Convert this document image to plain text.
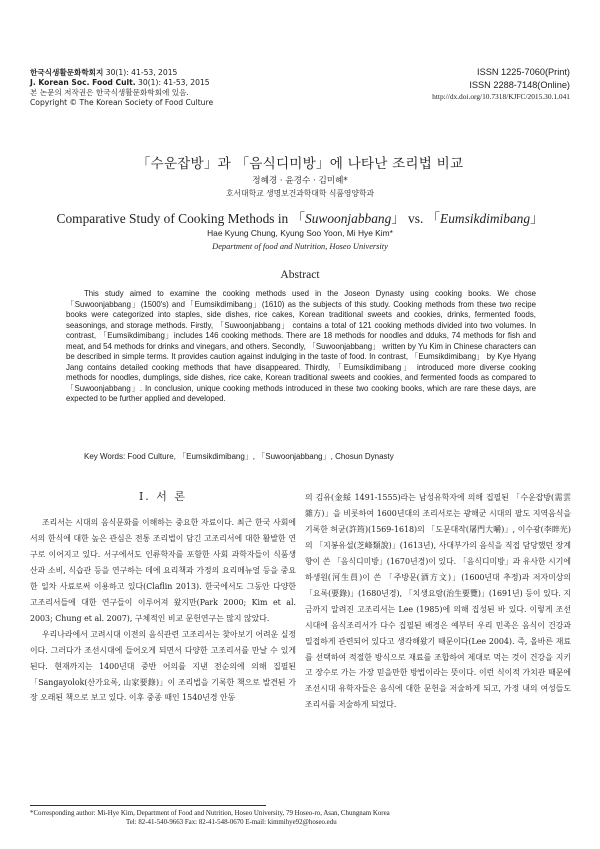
한국식생활문화학회지 30(1): 41-53, 2015
J. Korean Soc. Food Cult. 30(1): 41-53, 2015
본 논문의 저작권은 한국식생활문화학회에 있음.
Copyright © The Korean Society of Food Culture
ISSN 1225-7060(Print)
ISSN 2288-7148(Online)
http://dx.doi.org/10.7318/KJFC/2015.30.1.041
「수운잡방」과 「음식디미방」에 나타난 조리법 비교
정혜경 · 윤경수 · 김미혜*
호서대학교 생명보건과학대학 식품영양학과
Comparative Study of Cooking Methods in 「Suwoonjabbang」 vs. 「Eumsikdimibang」
Hae Kyung Chung, Kyung Soo Yoon, Mi Hye Kim*
Department of food and Nutrition, Hoseo University
Abstract
This study aimed to examine the cooking methods used in the Joseon Dynasty using cooking books. We chose 「Suwoonjabbang」(1500's) and「Eumsikdimibang」(1610) as the subjects of this study. Cooking methods from these two recipe books were categorized into staples, side dishes, rice cakes, Korean traditional sweets and cookies, drinks, fermented foods, seasonings, and storage methods. Firstly, 「Suwoonjabbang」 contains a total of 121 cooking methods divided into two volumes. In contrast, 「Eumsikdimibang」includes 146 cooking methods. There are 18 methods for noodles and dduks, 74 methods for fish and meat, and 54 methods for drinks and vinegars, and others. Secondly, 「Suwoonjabbang」 written by Yu Kim in Chinese characters can be described in simple terms. It provides caution against indulging in the taste of food. In contrast, 「Eumsikdimibang」 by Kye Hyang Jang contains detailed cooking methods that have disappeared. Thirdly, 「Eumsikdimibang」 introduced more diverse cooking methods for noodles, dumplings, side dishes, rice cake, Korean traditional sweets and cookies, and fermented foods as compared to 「Suwoonjabbang」. In conclusion, unique cooking methods introduced in these two cooking books, which are rare these days, are expected to be further applied and developed.
Key Words: Food Culture, 「Eumsikdimibang」, 「Suwoonjabbang」, Chosun Dynasty
I. 서 론

조리서는 시대의 음식문화를 이해하는 중요한 자료이다. 최근 한국 사회에서의 한식에 대한 높은 관심은 전통 조리법이 담긴 고조리서에 대한 활발한 연구로 이어지고 있다. 서구에서도 인류학자를 포함한 사회 과학자들이 식품생산과 소비, 식습관 등을 연구하는 데에 요리책과 가정의 요리메뉴얼 등을 중요한 일차 사료로써 이용하고 있다(Claflin 2013). 한국에서도 그동안 다양한 고조리서들에 대한 연구들이 이루어져 왔지만(Park 2000; Kim et al. 2003; Chung et al. 2007), 구체적인 비교 문헌연구는 많지 않았다.

우리나라에서 고려시대 이전의 음식관련 고조리서는 찾아보기 어려운 실정이다. 그러다가 조선시대에 들어오게 되면서 다양한 고조리서를 만날 수 있게 된다. 현재까지는 1400년대 중반 어의를 지낸 전순의에 의해 집필된 「Sangayolok(산가요록, 山家要錄)」이 조리법을 기록한 책으로 발견된 가장 오래된 책으로 보고 있다. 이후 중종 때인 1540년경 안동

의 김유(金綏 1491-1555)라는 남성유학자에 의해 집필된 「수운잡방(需雲雜方)」을 비롯하여 1600년대의 조리서로는 광해군 시대의 팔도 지역음식을 기록한 허균(許筠)(1569-1618)의 「도문대작(屠門大嚼)」, 이수광(李睟光)의 「지봉유설(芝峰類說)」(1613년), 사대부가의 음식을 직접 담당했던 장계향이 쓴 「음식디미방」(1670년경)이 있다. 「음식디미방」과 유사한 시기에 하생원(河生員)이 쓴 「주방문(酒方文)」(1600년대 추정)과 저자미상의 「요록(要錄)」(1680년경), 「치생요람(治生要覽)」(1691년) 등이 있다. 지금까지 알려진 고조리서는 Lee (1985)에 의해 집성된 바 있다. 이렇게 조선 시대에 음식조리서가 다수 집필된 배경은 예부터 우리 민족은 음식이 건강과 밀접하게 관련되어 있다고 생각해왔기 때문이다(Lee 2004). 즉, 올바른 재료를 선택하여 적절한 방식으로 재료를 조합하여 제대로 먹는 것이 건강을 지키고 장수로 가는 가장 믿을만한 방법이라는 뜻이다. 이런 식이적 가치관 때문에 조선시대 유학자들은 음식에 대한 문헌을 저술하게 되고, 가정 내의 여성들도 조리서를 저술하게 되었다.

*Corresponding author: Mi-Hye Kim, Department of Food and Nutrition, Hoseo University, 79 Hoseo-ro, Asan, Chungnam Korea
Tel: 82-41-540-9663 Fax: 82-41-548-0670 E-mail: kimmihye92@hoseo.edu
